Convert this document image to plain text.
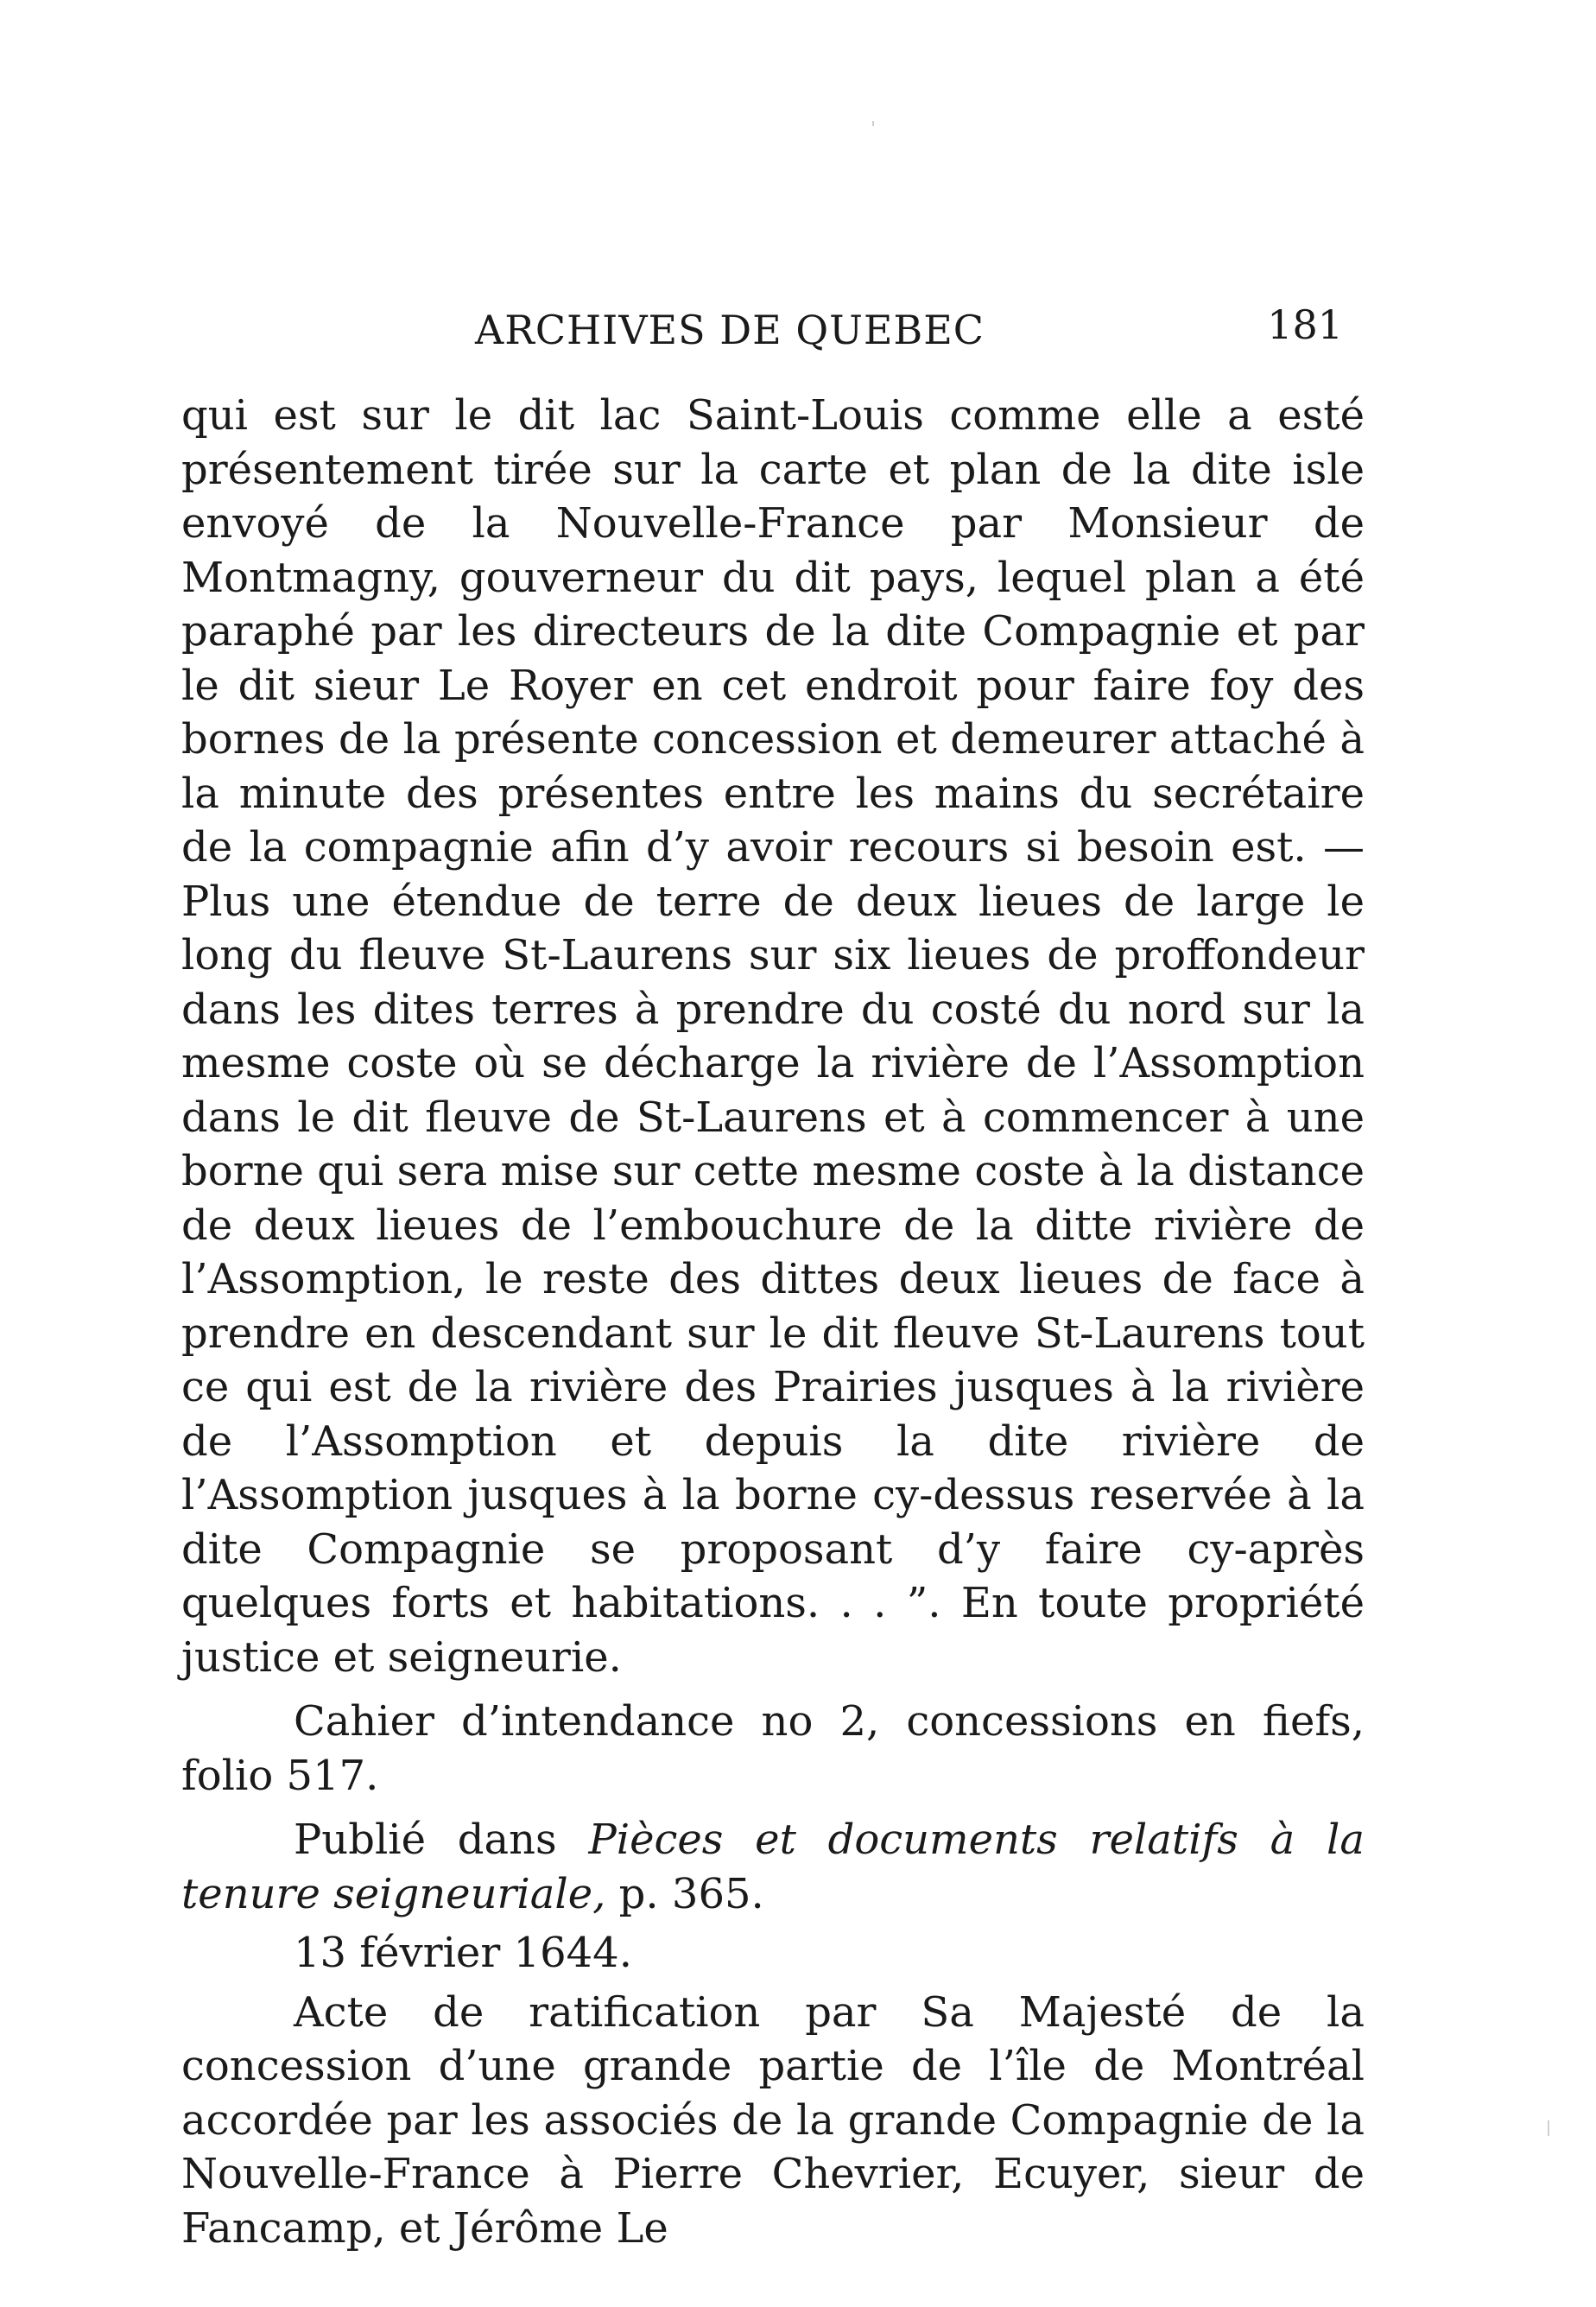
ARCHIVES DE QUEBEC	181

qui est sur le dit lac Saint-Louis comme elle a esté présentement tirée sur la carte et plan de la dite isle envoyé de la Nouvelle-France par Monsieur de Montmagny, gouverneur du dit pays, lequel plan a été paraphé par les directeurs de la dite Compagnie et par le dit sieur Le Royer en cet endroit pour faire foy des bornes de la présente concession et demeurer attaché à la minute des présentes entre les mains du secrétaire de la compagnie afin d’y avoir recours si besoin est. — Plus une étendue de terre de deux lieues de large le long du fleuve St-Laurens sur six lieues de proffondeur dans les dites terres à prendre du costé du nord sur la mesme coste où se décharge la rivière de l’Assomption dans le dit fleuve de St-Laurens et à commencer à une borne qui sera mise sur cette mesme coste à la distance de deux lieues de l’embouchure de la ditte rivière de l’Assomption, le reste des dittes deux lieues de face à prendre en descendant sur le dit fleuve St-Laurens tout ce qui est de la rivière des Prairies jusques à la rivière de l’Assomption et depuis la dite rivière de l’Assomption jusques à la borne cy-dessus reservée à la dite Compagnie se proposant d’y faire cy-après quelques forts et habitations. . . ”. En toute propriété justice et seigneurie.

Cahier d’intendance no 2, concessions en fiefs, folio 517.

Publié dans Pièces et documents relatifs à la tenure seigneuriale, p. 365.

13 février 1644.

Acte de ratification par Sa Majesté de la concession d’une grande partie de l’île de Montréal accordée par les associés de la grande Compagnie de la Nouvelle-France à Pierre Chevrier, Ecuyer, sieur de Fancamp, et Jérôme Le
